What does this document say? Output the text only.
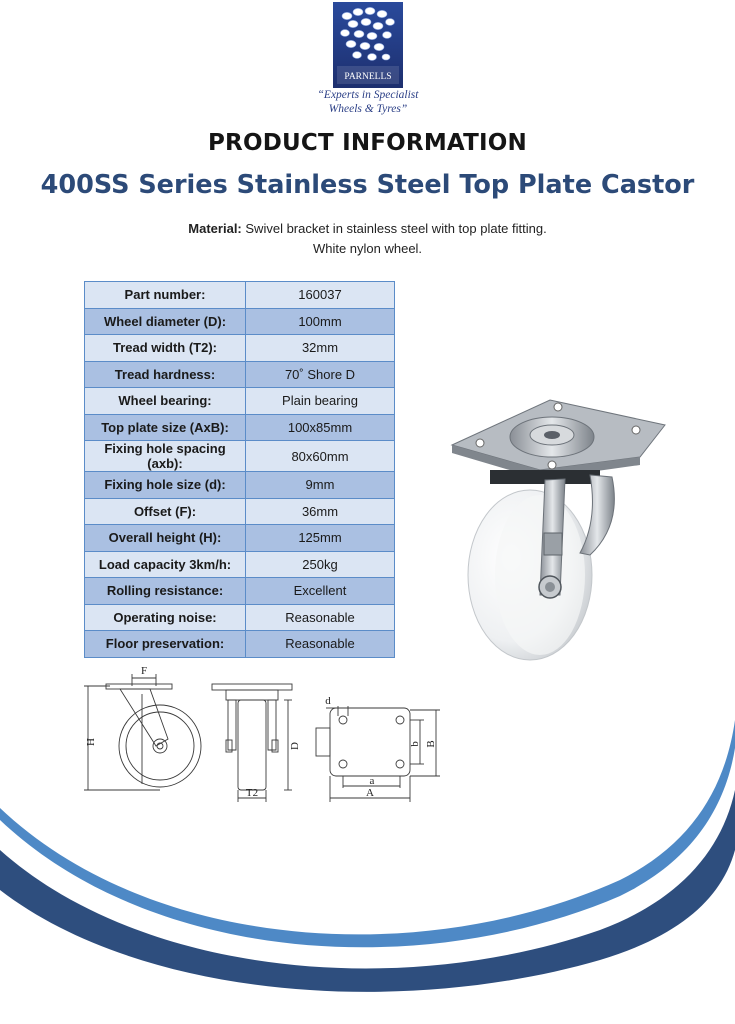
PARNELLS
“Experts in Specialist
Wheels & Tyres”
PRODUCT INFORMATION
400SS Series Stainless Steel Top Plate Castor
Material: Swivel bracket in stainless steel with top plate fitting. White nylon wheel.
Part number:	160037
Wheel diameter (D):	100mm
Tread width (T2):	32mm
Tread hardness:	70˚ Shore D
Wheel bearing:	Plain bearing
Top plate size (AxB):	100x85mm
Fixing hole spacing (axb):	80x60mm
Fixing hole size (d):	9mm
Offset (F):	36mm
Overall height (H):	125mm
Load capacity 3km/h:	250kg
Rolling resistance:	Excellent
Operating noise:	Reasonable
Floor preservation:	Reasonable
F
H
D
T2
d
b B
a
A
